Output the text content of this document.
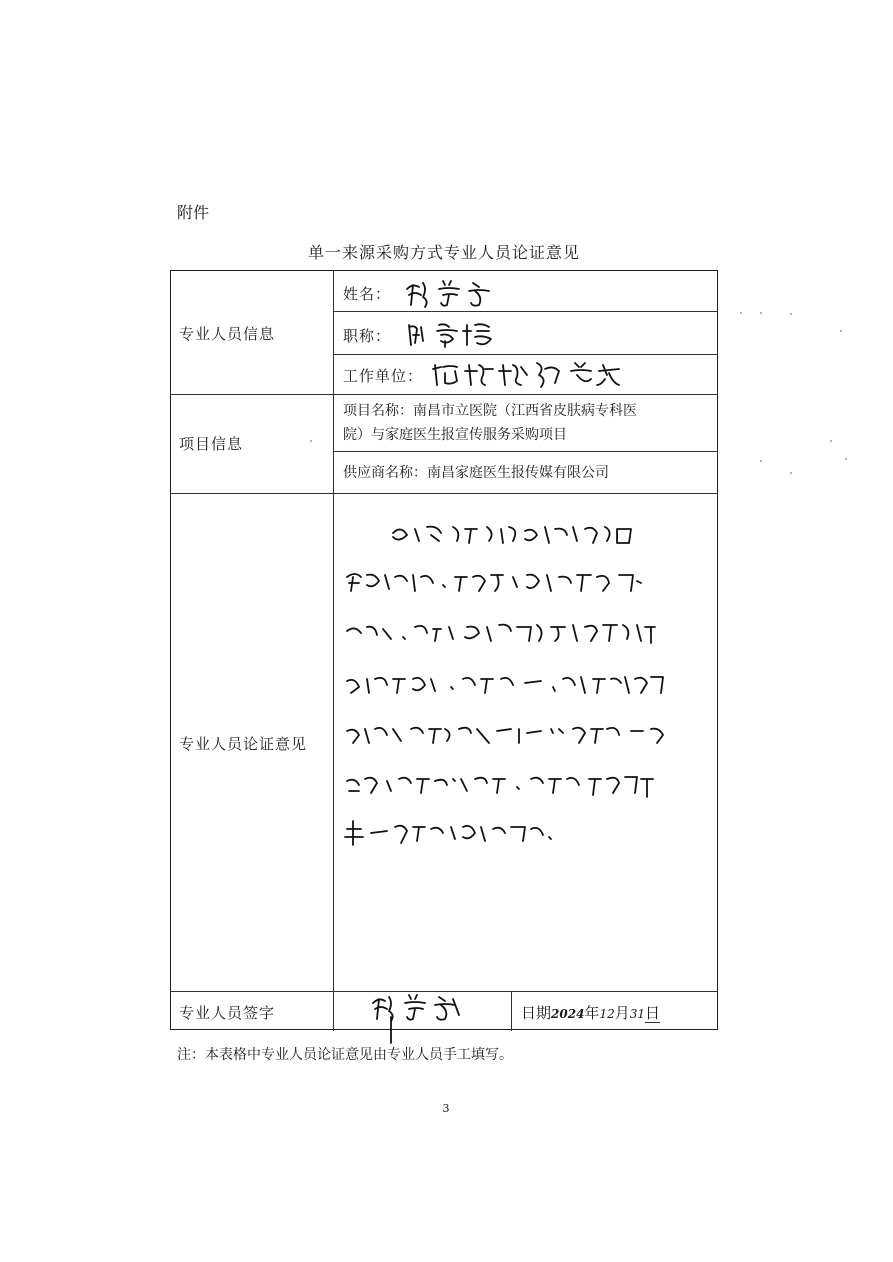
附件
单一来源采购方式专业人员论证意见
专业人员信息
姓名：
职称：
工作单位：
项目信息
项目名称：南昌市立医院（江西省皮肤病专科医
院）与家庭医生报宣传服务采购项目
供应商名称：南昌家庭医生报传媒有限公司
专业人员论证意见
专业人员签字	日期2024年12月31日
注：本表格中专业人员论证意见由专业人员手工填写。
3
